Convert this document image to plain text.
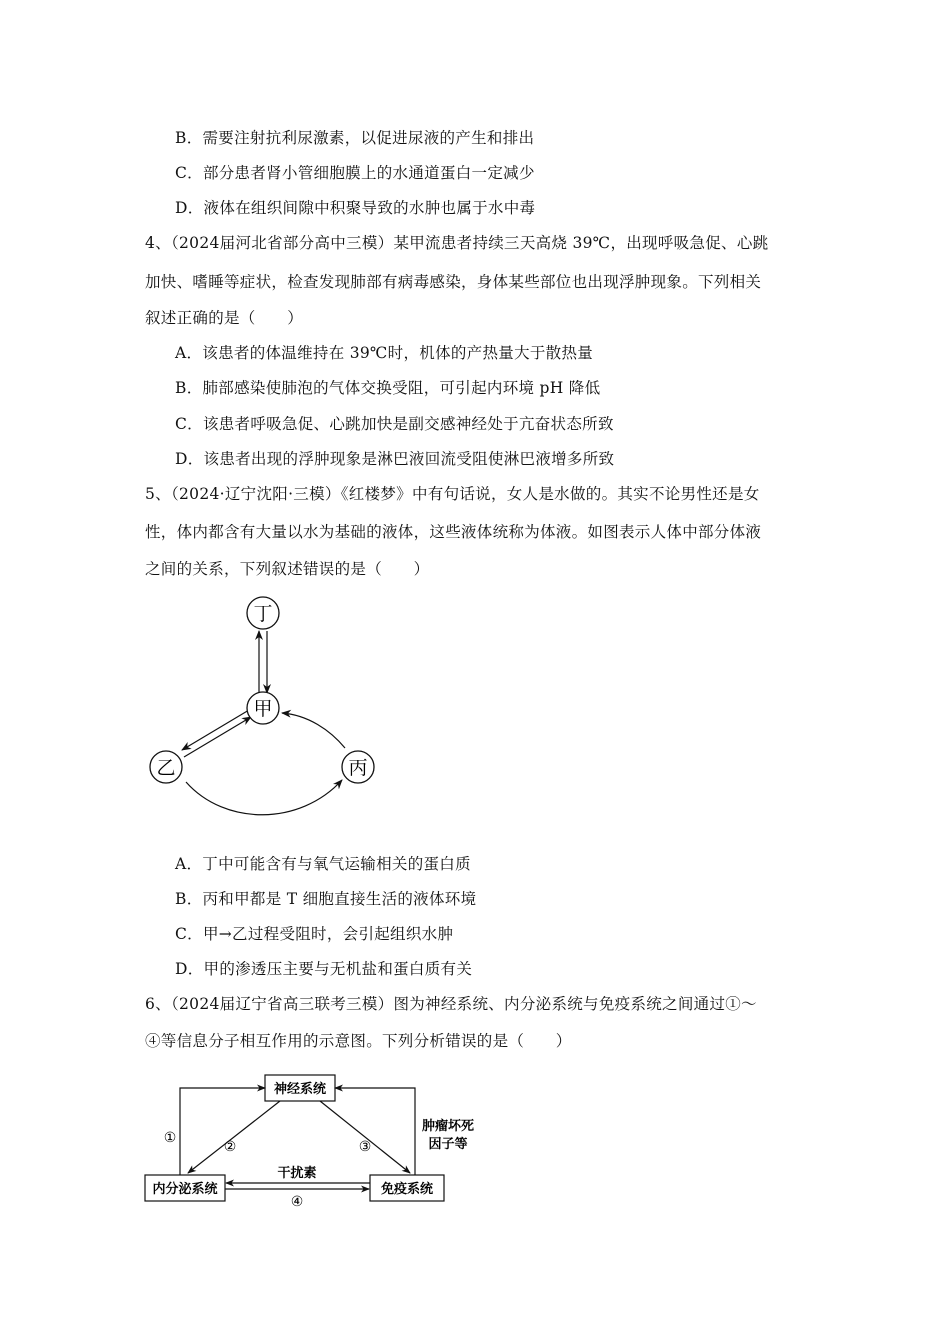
B．需要注射抗利尿激素，以促进尿液的产生和排出
C．部分患者肾小管细胞膜上的水通道蛋白一定减少
D．液体在组织间隙中积聚导致的水肿也属于水中毒
4、（2024届河北省部分高中三模）某甲流患者持续三天高烧 39℃，出现呼吸急促、心跳
加快、嗜睡等症状，检查发现肺部有病毒感染，身体某些部位也出现浮肿现象。下列相关
叙述正确的是（　　）
A．该患者的体温维持在 39℃时，机体的产热量大于散热量
B．肺部感染使肺泡的气体交换受阻，可引起内环境 pH 降低
C．该患者呼吸急促、心跳加快是副交感神经处于亢奋状态所致
D．该患者出现的浮肿现象是淋巴液回流受阻使淋巴液增多所致
5、（2024·辽宁沈阳·三模）《红楼梦》中有句话说，女人是水做的。其实不论男性还是女
性，体内都含有大量以水为基础的液体，这些液体统称为体液。如图表示人体中部分体液
之间的关系，下列叙述错误的是（　　）
丁
甲
乙	丙
A．丁中可能含有与氧气运输相关的蛋白质
B．丙和甲都是 T 细胞直接生活的液体环境
C．甲→乙过程受阻时，会引起组织水肿
D．甲的渗透压主要与无机盐和蛋白质有关
6、（2024届辽宁省高三联考三模）图为神经系统、内分泌系统与免疫系统之间通过①～
④等信息分子相互作用的示意图。下列分析错误的是（　　）
神经系统
内分泌系统	免疫系统
①
②	③
④
干扰素
肿瘤坏死
因子等
